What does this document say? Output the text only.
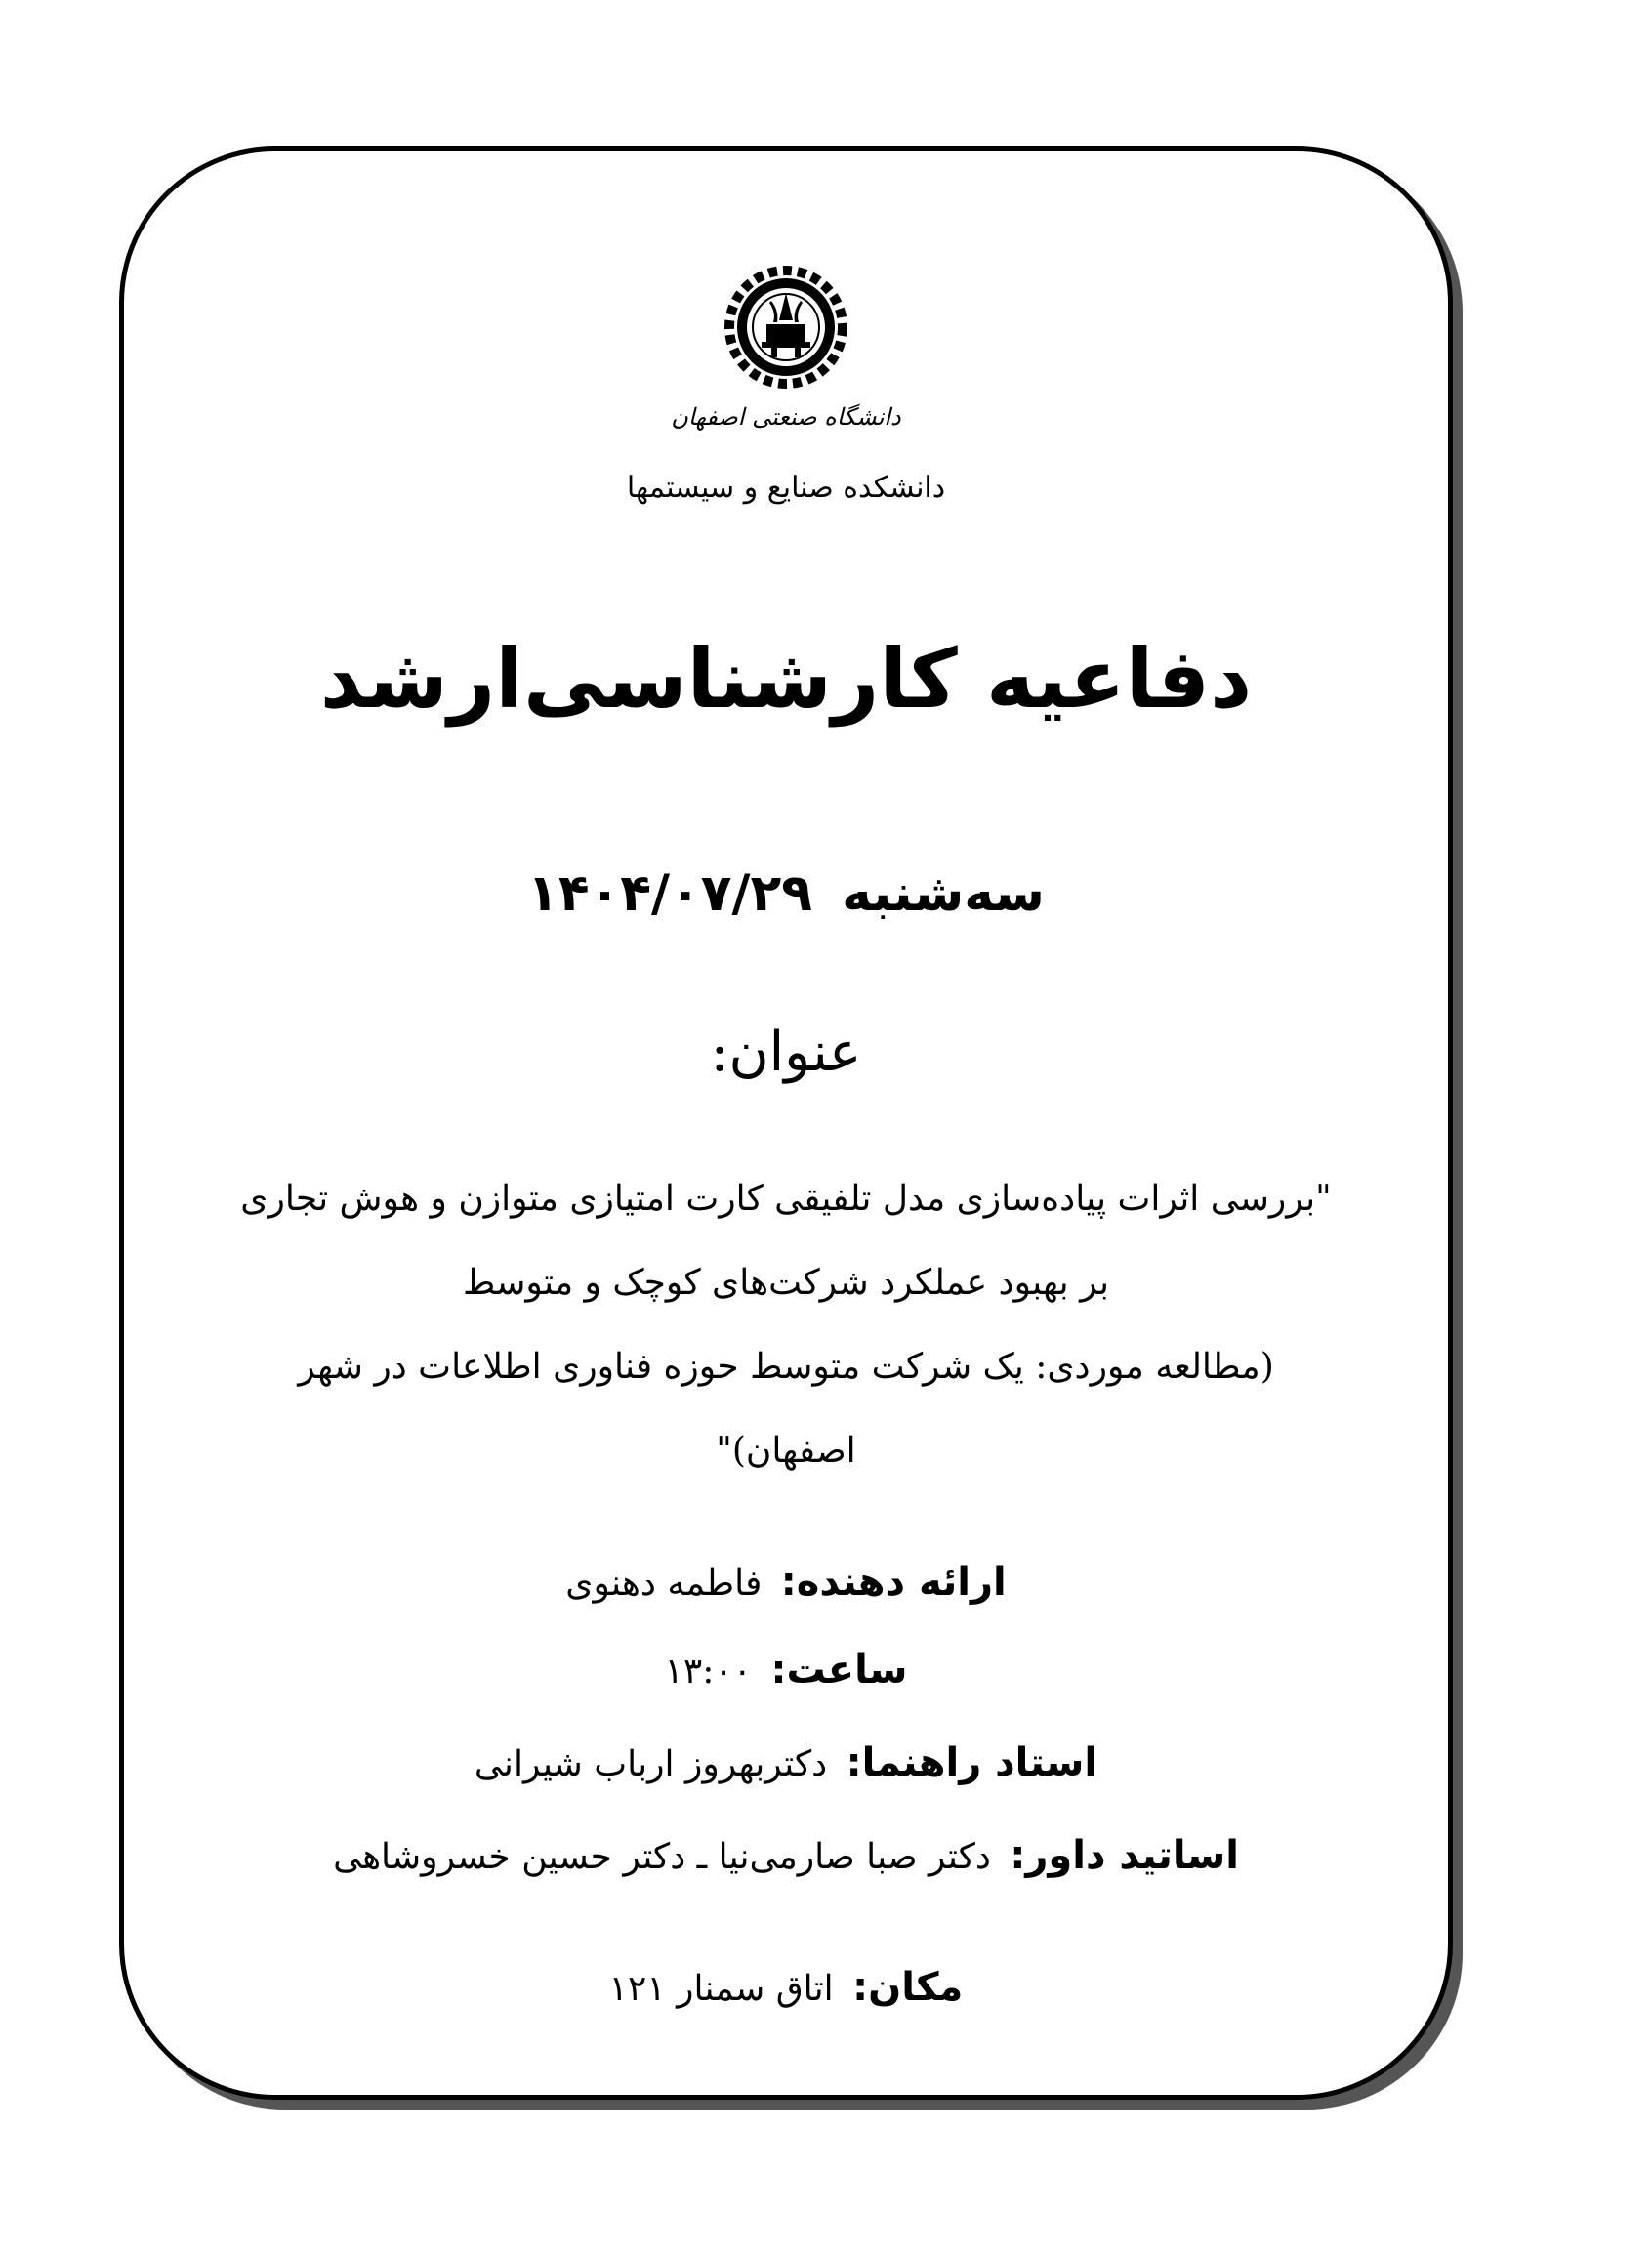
دانشگاه صنعتی اصفهان
دانشکده صنایع و سیستمها
دفاعیه کارشناسی‌ارشد
سه‌شنبه ۱۴۰۴/۰۷/۲۹
عنوان:
"بررسی اثرات پیاده‌سازی مدل تلفیقی کارت امتیازی متوازن و هوش تجاری
بر بهبود عملکرد شرکت‌های کوچک و متوسط
(مطالعه موردی: یک شرکت متوسط حوزه فناوری اطلاعات در شهر
اصفهان)"
ارائه دهنده: فاطمه دهنوی
ساعت: ۱۳:۰۰
استاد راهنما: دکتربهروز ارباب شیرانی
اساتید داور: دکتر صبا صارمی‌نیا ـ دکتر حسین خسروشاهی
مکان: اتاق سمنار ۱۲۱
